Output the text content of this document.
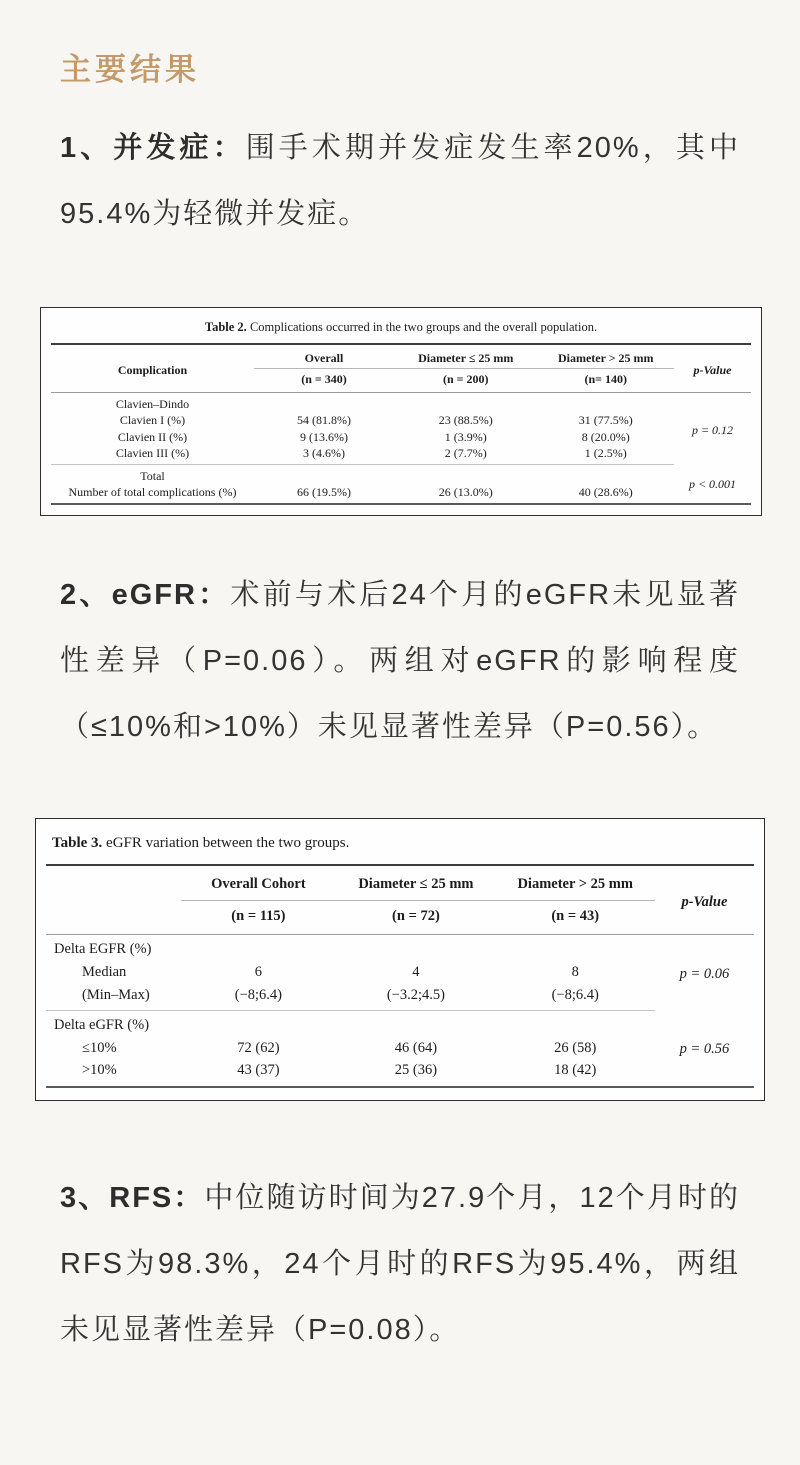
主要结果

1、并发症：围手术期并发症发生率20%，其中95.4%为轻微并发症。

Table 2. Complications occurred in the two groups and the overall population.
Complication	Overall	Diameter ≤ 25 mm	Diameter > 25 mm	p-Value
	(n = 340)	(n = 200)	(n= 140)	
Clavien–Dindo				p = 0.12
Clavien I (%)	54 (81.8%)	23 (88.5%)	31 (77.5%)	
Clavien II (%)	9 (13.6%)	1 (3.9%)	8 (20.0%)	
Clavien III (%)	3 (4.6%)	2 (7.7%)	1 (2.5%)	
Total				p < 0.001
Number of total complications (%)	66 (19.5%)	26 (13.0%)	40 (28.6%)	

2、eGFR：术前与术后24个月的eGFR未见显著性差异（P=0.06）。两组对eGFR的影响程度（≤10%和>10%）未见显著性差异（P=0.56）。

Table 3. eGFR variation between the two groups.
	Overall Cohort	Diameter ≤ 25 mm	Diameter > 25 mm	p-Value
	(n = 115)	(n = 72)	(n = 43)	
Delta EGFR (%)				p = 0.06
Median	6	4	8	
(Min–Max)	(−8;6.4)	(−3.2;4.5)	(−8;6.4)	
Delta eGFR (%)				p = 0.56
≤10%	72 (62)	46 (64)	26 (58)	
>10%	43 (37)	25 (36)	18 (42)	

3、RFS：中位随访时间为27.9个月，12个月时的RFS为98.3%，24个月时的RFS为95.4%，两组未见显著性差异（P=0.08）。
